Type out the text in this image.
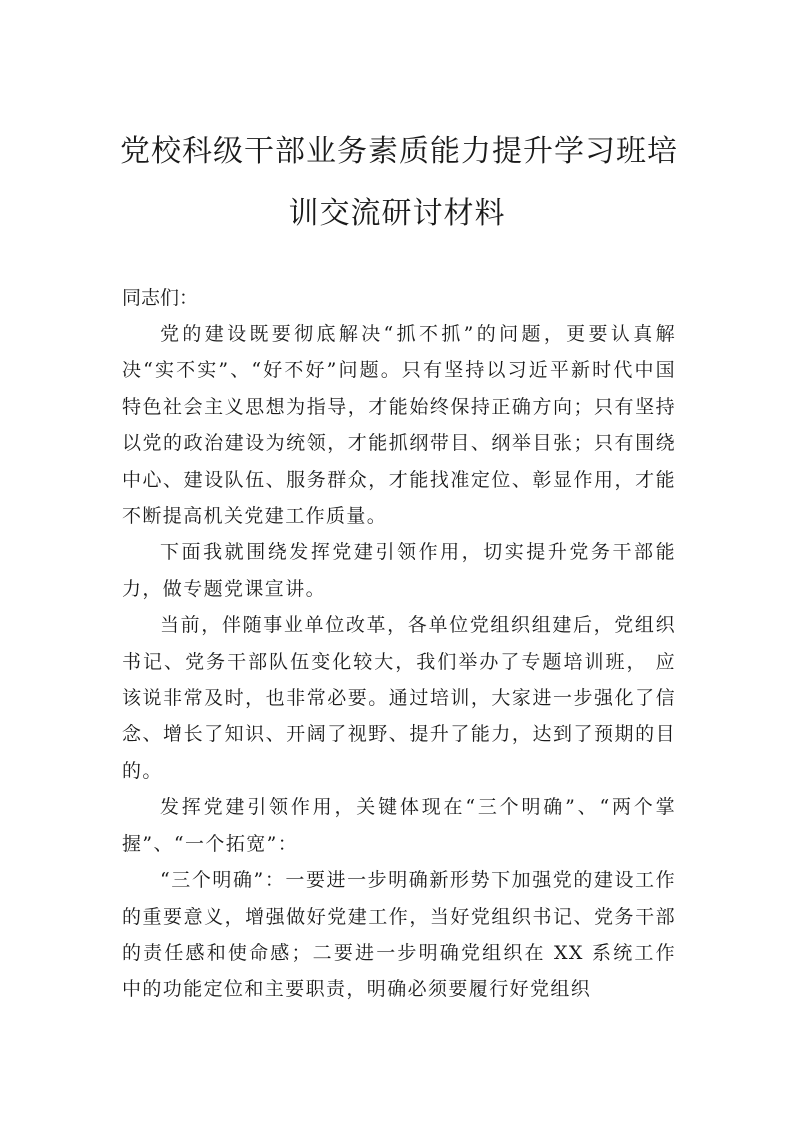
党校科级干部业务素质能力提升学习班培
训交流研讨材料
同志们：

党的建设既要彻底解决“抓不抓”的问题，更要认真解决“实不实”、“好不好”问题。只有坚持以习近平新时代中国特色社会主义思想为指导，才能始终保持正确方向；只有坚持以党的政治建设为统领，才能抓纲带目、纲举目张；只有围绕中心、建设队伍、服务群众，才能找准定位、彰显作用，才能不断提高机关党建工作质量。

下面我就围绕发挥党建引领作用，切实提升党务干部能力，做专题党课宣讲。

当前，伴随事业单位改革，各单位党组织组建后，党组织书记、党务干部队伍变化较大，我们举办了专题培训班， 应该说非常及时，也非常必要。通过培训，大家进一步强化了信念、增长了知识、开阔了视野、提升了能力，达到了预期的目的。

发挥党建引领作用，关键体现在“三个明确”、“两个掌握”、“一个拓宽”：

“三个明确”：一要进一步明确新形势下加强党的建设工作的重要意义，增强做好党建工作，当好党组织书记、党务干部的责任感和使命感；二要进一步明确党组织在 XX 系统工作中的功能定位和主要职责，明确必须要履行好党组织
